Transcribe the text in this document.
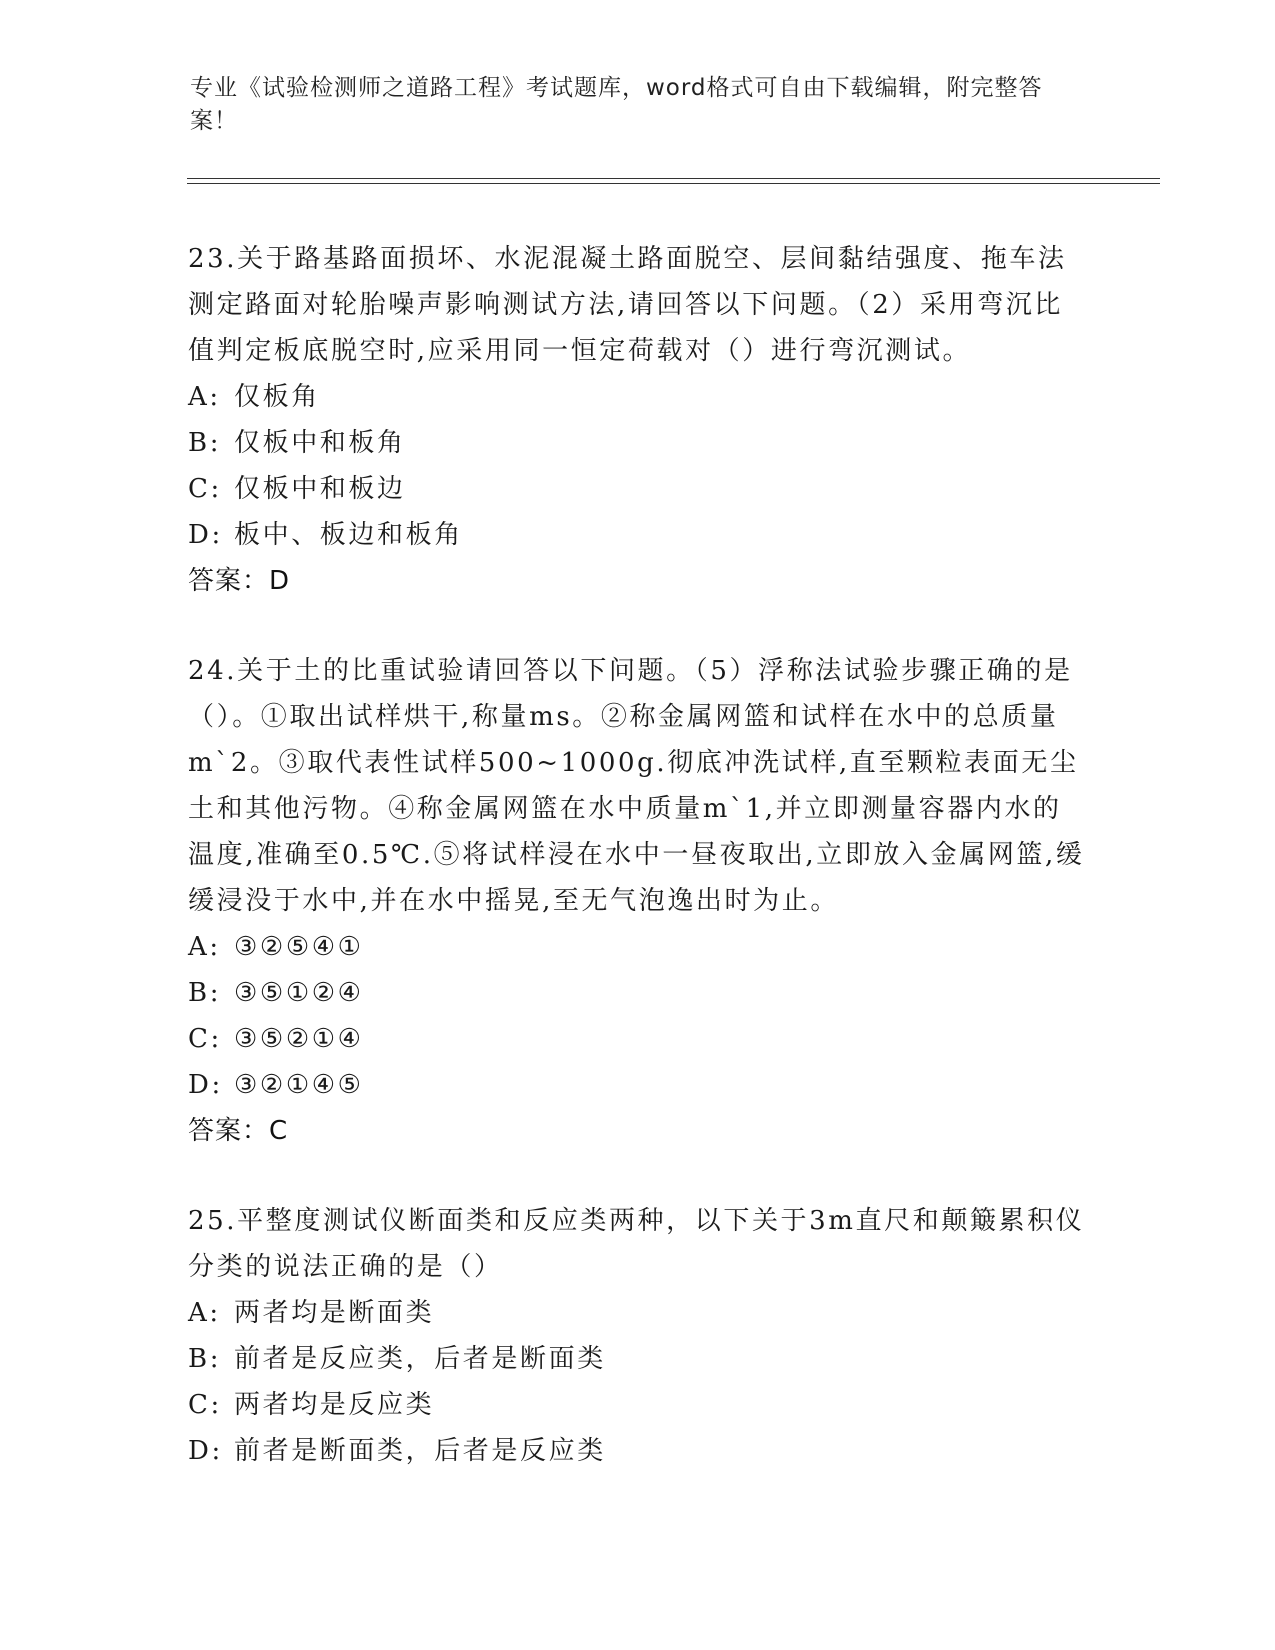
专业《试验检测师之道路工程》考试题库，word格式可自由下载编辑，附完整答案！

23.关于路基路面损坏、水泥混凝土路面脱空、层间黏结强度、拖车法测定路面对轮胎噪声影响测试方法,请回答以下问题。（2）采用弯沉比值判定板底脱空时,应采用同一恒定荷载对（）进行弯沉测试。

A: 仅板角

B: 仅板中和板角

C: 仅板中和板边

D: 板中、板边和板角

答案：D

24.关于土的比重试验请回答以下问题。（5）浮称法试验步骤正确的是（）。①取出试样烘干,称量ms。②称金属网篮和试样在水中的总质量m`2。③取代表性试样500~1000g.彻底冲洗试样,直至颗粒表面无尘土和其他污物。④称金属网篮在水中质量m`1,并立即测量容器内水的温度,准确至0.5℃.⑤将试样浸在水中一昼夜取出,立即放入金属网篮,缓缓浸没于水中,并在水中摇晃,至无气泡逸出时为止。

A: ③②⑤④①

B: ③⑤①②④

C: ③⑤②①④

D: ③②①④⑤

答案：C

25.平整度测试仪断面类和反应类两种，以下关于3m直尺和颠簸累积仪分类的说法正确的是（）

A: 两者均是断面类

B: 前者是反应类，后者是断面类

C: 两者均是反应类

D: 前者是断面类，后者是反应类
